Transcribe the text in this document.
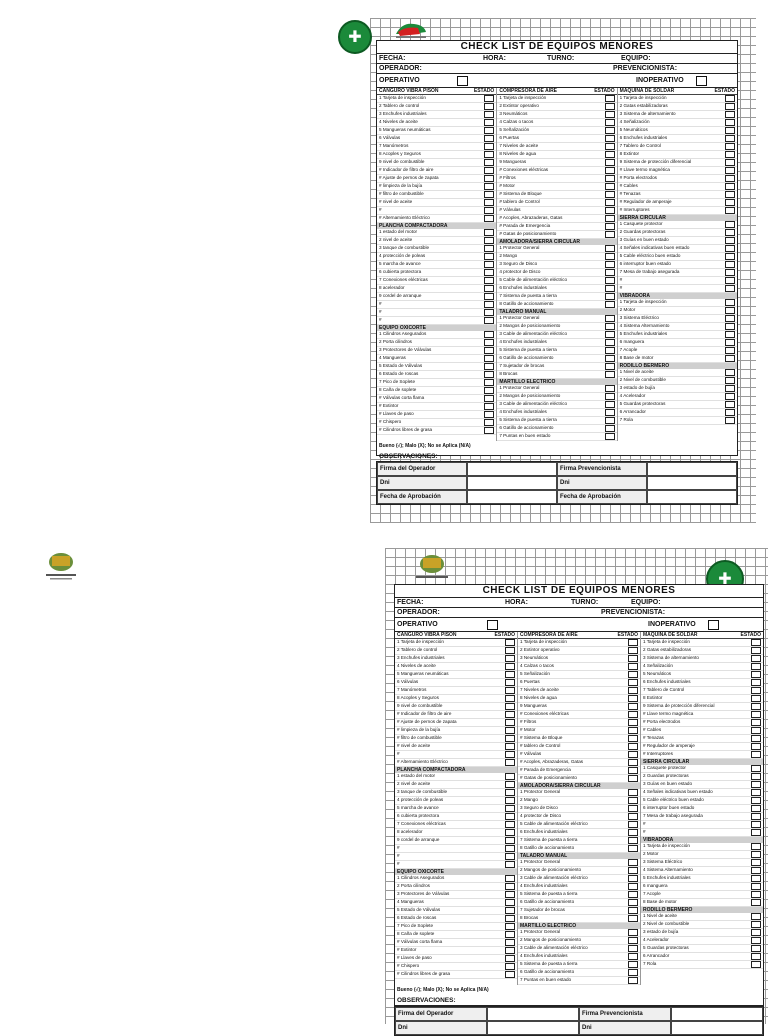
✚
✚
CHECK LIST DE EQUIPOS MENORES
FECHA:	HORA:	TURNO:	EQUIPO:
OPERADOR:	PREVENCIONISTA:
OPERATIVO	INOPERATIVO
CANGURO VIBRA PISON	ESTADO
1 Tarjeta de inspección
2 Tablero de control
3 Enchufes industriales
4 Niveles de aceite
5 Mangueras neumáticas
6 Válvulas
7 Manómetros
8 Acoples y Seguros
9 nivel de combustible
# Indicador de filtro de aire
# Ajuste de pernos de zapata
# limpieza de la bujía
# filtro de combustible
# nivel de aceite
#
# Alternamiento Eléctrico
PLANCHA COMPACTADORA
1 estado del motor
2 nivel de aceite
3 tanque de combustible
4 protección de poleas
5 marcha de avance
6 cubierta protectora
7 Conexiones eléctricas
8 acelerador
9 cordel de arranque
#
#
#
EQUIPO OXICORTE
1 Cilindros Asegurados
2 Porta cilindros
3 Protectores de Válvulas
4 Mangueras
5 Estado de Válvulas
6 Estado de roscas
7 Pico de Soplete
8 Caña de soplete
# Válvulas corta flama
# Extintor
# Llaves de paso
# Chispero
# Cilindros libres de grasa
COMPRESORA DE AIRE	ESTADO
1 Tarjeta de inspección
2 Extintor operativo
3 Neumáticos
4 Calzas o tacos
5 Señalización
6 Puertas
7 Niveles de aceite
8 Niveles de agua
9 Mangueras
# Conexiones eléctricas
# Filtros
# Motor
# Sistema de Bloque
# tablero de Control
# Válvulas
# Acoples, Abrazaderas, Gatas
# Parada de Emergencia
# Gatas de posicionamiento
AMOLADORA/SIERRA CIRCULAR
1 Protector General
2 Mango
3 Seguro de Disco
4 protector de Disco
5 Cable de alimentación eléctrico
6 Enchufes industriales
7 Sistema de puesta a tierra
8 Gatillo de accionamiento
TALADRO MANUAL
1 Protector General
2 Mangos de posicionamiento
3 Cable de alimentación eléctrico
4 Enchufes industriales
5 Sistema de puesta a tierra
6 Gatillo de accionamiento
7 Sujetador de brocas
8 Brocas
MARTILLO ELECTRICO
1 Protector General
2 Mangos de posicionamiento
3 Cable de alimentación eléctrico
4 Enchufes industriales
5 Sistema de puesta a tierra
6 Gatillo de accionamiento
7 Puntas en buen estado
MAQUINA DE SOLDAR	ESTADO
1 Tarjeta de inspección
2 Gatas estabilizadoras
3 Sistema de alternamiento
4 Señalización
5 Neumáticos
6 Enchufes industriales
7 Tablero de Control
8 Extintor
9 Sistema de protección diferencial
# Llave termo magnética
# Porta electrodos
# Cables
# Tenazas
# Regulador de amperaje
# Interruptores
SIERRA CIRCULAR
1 Casquete protector
2 Guardas protectoras
3 Guías en buen estado
4 Señales indicativas buen estado
5 Cable eléctrico buen estado
6 interruptor buen estado
7 Mesa de trabajo asegurada
#
#
VIBRADORA
1 Tarjeta de inspección
2 Motor
3 Sistema Eléctrico
4 Sistema Alternamiento
5 Enchufes industriales
6 manguera
7 Acople
8 Base de motor
RODILLO BERMERO
1 Nivel de aceite
2 Nivel de combustible
3 estado de bujía
4 Acelerador
5 Guardas protectoras
6 Arrancador
7 Rola
Bueno (√); Malo (X); No se Aplica (N/A)
OBSERVACIONES:
Firma del Operador	Firma Prevencionista
Dni	Dni
Fecha de Aprobación	Fecha de Aprobación
CHECK LIST DE EQUIPOS MENORES
FECHA:	HORA:	TURNO:	EQUIPO:
OPERADOR:	PREVENCIONISTA:
OPERATIVO	INOPERATIVO
CANGURO VIBRA PISON	ESTADO
1 Tarjeta de inspección
2 Tablero de control
3 Enchufes industriales
4 Niveles de aceite
5 Mangueras neumáticas
6 Válvulas
7 Manómetros
8 Acoples y Seguros
9 nivel de combustible
# Indicador de filtro de aire
# Ajuste de pernos de zapata
# limpieza de la bujía
# filtro de combustible
# nivel de aceite
#
# Alternamiento Eléctrico
PLANCHA COMPACTADORA
1 estado del motor
2 nivel de aceite
3 tanque de combustible
4 protección de poleas
5 marcha de avance
6 cubierta protectora
7 Conexiones eléctricas
8 acelerador
9 cordel de arranque
#
#
#
EQUIPO OXICORTE
1 Cilindros Asegurados
2 Porta cilindros
3 Protectores de Válvulas
4 Mangueras
5 Estado de Válvulas
6 Estado de roscas
7 Pico de Soplete
8 Caña de soplete
# Válvulas corta flama
# Extintor
# Llaves de paso
# Chispero
# Cilindros libres de grasa
COMPRESORA DE AIRE	ESTADO
1 Tarjeta de inspección
2 Extintor operativo
3 Neumáticos
4 Calzas o tacos
5 Señalización
6 Puertas
7 Niveles de aceite
8 Niveles de agua
9 Mangueras
# Conexiones eléctricas
# Filtros
# Motor
# Sistema de Bloque
# tablero de Control
# Válvulas
# Acoples, Abrazaderas, Gatas
# Parada de Emergencia
# Gatas de posicionamiento
AMOLADORA/SIERRA CIRCULAR
1 Protector General
2 Mango
3 Seguro de Disco
4 protector de Disco
5 Cable de alimentación eléctrico
6 Enchufes industriales
7 Sistema de puesta a tierra
8 Gatillo de accionamiento
TALADRO MANUAL
1 Protector General
2 Mangos de posicionamiento
3 Cable de alimentación eléctrico
4 Enchufes industriales
5 Sistema de puesta a tierra
6 Gatillo de accionamiento
7 Sujetador de brocas
8 Brocas
MARTILLO ELECTRICO
1 Protector General
2 Mangos de posicionamiento
3 Cable de alimentación eléctrico
4 Enchufes industriales
5 Sistema de puesta a tierra
6 Gatillo de accionamiento
7 Puntas en buen estado
MAQUINA DE SOLDAR	ESTADO
1 Tarjeta de inspección
2 Gatas estabilizadoras
3 Sistema de alternamiento
4 Señalización
5 Neumáticos
6 Enchufes industriales
7 Tablero de Control
8 Extintor
9 Sistema de protección diferencial
# Llave termo magnética
# Porta electrodos
# Cables
# Tenazas
# Regulador de amperaje
# Interruptores
SIERRA CIRCULAR
1 Casquete protector
2 Guardas protectoras
3 Guías en buen estado
4 Señales indicativas buen estado
5 Cable eléctrico buen estado
6 interruptor buen estado
7 Mesa de trabajo asegurada
#
#
VIBRADORA
1 Tarjeta de inspección
2 Motor
3 Sistema Eléctrico
4 Sistema Alternamiento
5 Enchufes industriales
6 manguera
7 Acople
8 Base de motor
RODILLO BERMERO
1 Nivel de aceite
2 Nivel de combustible
3 estado de bujía
4 Acelerador
5 Guardas protectoras
6 Arrancador
7 Rola
Bueno (√); Malo (X); No se Aplica (N/A)
OBSERVACIONES:
Firma del Operador	Firma Prevencionista
Dni	Dni
